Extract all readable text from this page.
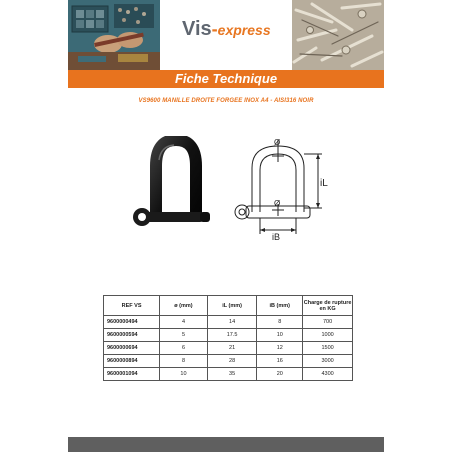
Vis-express
Fiche Technique
VS9600 MANILLE DROITE FORGEE INOX A4 - AISI316 NOIR
Ø
Ø
iL
iB
REF VS	ø (mm)	iL (mm)	iB (mm)	Charge de rupture en KG
9600000494	4	14	8	700
9600000594	5	17.5	10	1000
9600000694	6	21	12	1500
9600000894	8	28	16	3000
9600001094	10	35	20	4300
